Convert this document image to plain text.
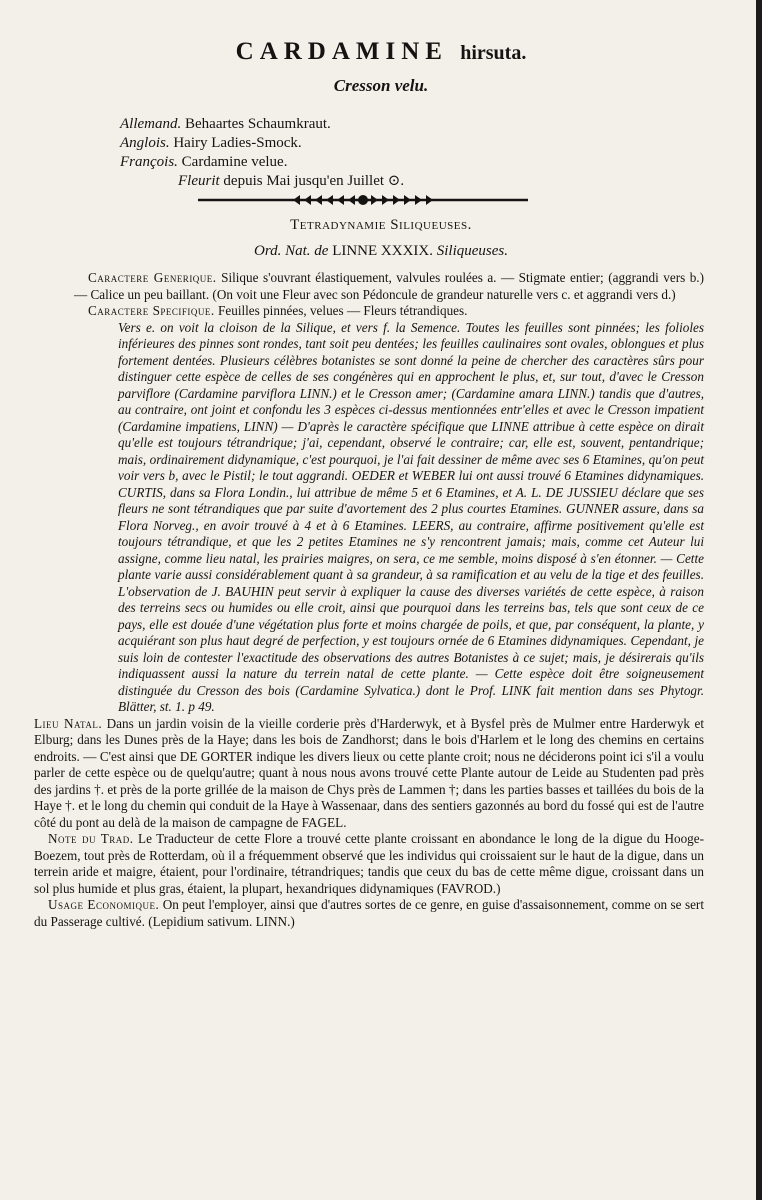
CARDAMINE hirsuta.
Cresson velu.
Allemand. Behaartes Schaumkraut.
Anglois. Hairy Ladies-Smock.
François. Cardamine velue.
Fleurit depuis Mai jusqu'en Juillet ⊙.
Tetradynamie Siliqueuses.
Ord. Nat. de LINNE XXXIX. Siliqueuses.

Caractere Generique. Silique s'ouvrant élastiquement, valvules roulées a. — Stigmate entier; (aggrandi vers b.) — Calice un peu baillant. (On voit une Fleur avec son Pédoncule de grandeur naturelle vers c. et aggrandi vers d.)

Caractere Specifique. Feuilles pinnées, velues — Fleurs tétrandiques.

Vers e. on voit la cloison de la Silique, et vers f. la Semence. Toutes les feuilles sont pinnées; les folioles inférieures des pinnes sont rondes, tant soit peu dentées; les feuilles caulinaires sont ovales, oblongues et plus fortement dentées. Plusieurs célèbres botanistes se sont donné la peine de chercher des caractères sûrs pour distinguer cette espèce de celles de ses congénères qui en approchent le plus, et, sur tout, d'avec le Cresson parviflore (Cardamine parviflora LINN.) et le Cresson amer; (Cardamine amara LINN.) tandis que d'autres, au contraire, ont joint et confondu les 3 espèces ci-dessus mentionnées entr'elles et avec le Cresson impatient (Cardamine impatiens, LINN) — D'après le caractère spécifique que LINNE attribue à cette espèce on dirait qu'elle est toujours tétrandrique; j'ai, cependant, observé le contraire; car, elle est, souvent, pentandrique; mais, ordinairement didynamique, c'est pourquoi, je l'ai fait dessiner de même avec ses 6 Etamines, qu'on peut voir vers b, avec le Pistil; le tout aggrandi. OEDER et WEBER lui ont aussi trouvé 6 Etamines didynamiques. CURTIS, dans sa Flora Londin., lui attribue de même 5 et 6 Etamines, et A. L. DE JUSSIEU déclare que ses fleurs ne sont tétrandiques que par suite d'avortement des 2 plus courtes Etamines. GUNNER assure, dans sa Flora Norveg., en avoir trouvé à 4 et à 6 Etamines. LEERS, au contraire, affirme positivement qu'elle est toujours tétrandique, et que les 2 petites Etamines ne s'y rencontrent jamais; mais, comme cet Auteur lui assigne, comme lieu natal, les prairies maigres, on sera, ce me semble, moins disposé à s'en étonner. — Cette plante varie aussi considérablement quant à sa grandeur, à sa ramification et au velu de la tige et des feuilles. L'observation de J. BAUHIN peut servir à expliquer la cause des diverses variétés de cette espèce, à raison des terreins secs ou humides ou elle croit, ainsi que pourquoi dans les terreins bas, tels que sont ceux de ce pays, elle est douée d'une végétation plus forte et moins chargée de poils, et que, par conséquent, la plante, y acquiérant son plus haut degré de perfection, y est toujours ornée de 6 Etamines didynamiques. Cependant, je suis loin de contester l'exactitude des observations des autres Botanistes à ce sujet; mais, je désirerais qu'ils indiquassent aussi la nature du terrein natal de cette plante. — Cette espèce doit être soigneusement distinguée du Cresson des bois (Cardamine Sylvatica.) dont le Prof. LINK fait mention dans ses Phytogr. Blätter, st. 1. p 49.

Lieu Natal. Dans un jardin voisin de la vieille corderie près d'Harderwyk, et à Bysfel près de Mulmer entre Harderwyk et Elburg; dans les Dunes près de la Haye; dans les bois de Zandhorst; dans le bois d'Harlem et le long des chemins en certains endroits. — C'est ainsi que DE GORTER indique les divers lieux ou cette plante croit; nous ne déciderons point ici s'il a voulu parler de cette espèce ou de quelqu'autre; quant à nous nous avons trouvé cette Plante autour de Leide au Studenten pad près des jardins †. et près de la porte grillée de la maison de Chys près de Lammen †; dans les parties basses et taillées du bois de la Haye †. et le long du chemin qui conduit de la Haye à Wassenaar, dans des sentiers gazonnés au bord du fossé qui est de l'autre côté du pont au delà de la maison de campagne de FAGEL.

Note du Trad. Le Traducteur de cette Flore a trouvé cette plante croissant en abondance le long de la digue du Hooge-Boezem, tout près de Rotterdam, où il a fréquemment observé que les individus qui croissaient sur le haut de la digue, dans un terrein aride et maigre, étaient, pour l'ordinaire, tétrandriques; tandis que ceux du bas de cette même digue, croissant dans un sol plus humide et plus gras, étaient, la plupart, hexandriques didynamiques (FAVROD.)

Usage Economique. On peut l'employer, ainsi que d'autres sortes de ce genre, en guise d'assaisonnement, comme on se sert du Passerage cultivé. (Lepidium sativum. LINN.)
